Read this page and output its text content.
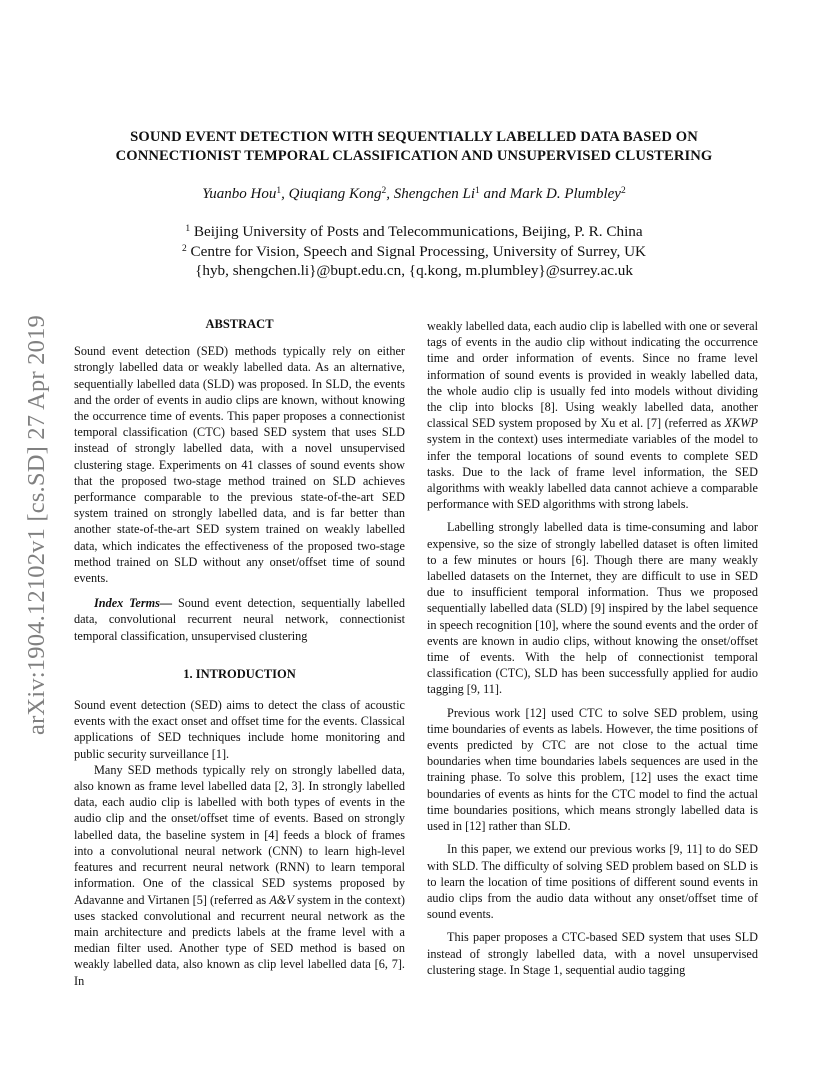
SOUND EVENT DETECTION WITH SEQUENTIALLY LABELLED DATA BASED ON
CONNECTIONIST TEMPORAL CLASSIFICATION AND UNSUPERVISED CLUSTERING
Yuanbo Hou$^1$, Qiuqiang Kong$^2$, Shengchen Li$^1$ and Mark D. Plumbley$^2$
$^1$ Beijing University of Posts and Telecommunications, Beijing, P. R. China
$^2$ Centre for Vision, Speech and Signal Processing, University of Surrey, UK
{hyb, shengchen.li}@bupt.edu.cn, {q.kong, m.plumbley}@surrey.ac.uk
arXiv:1904.12102v1 [cs.SD] 27 Apr 2019	ABSTRACT

Sound event detection (SED) methods typically rely on either strongly labelled data or weakly labelled data. As an alternative, sequentially labelled data (SLD) was proposed. In SLD, the events and the order of events in audio clips are known, without knowing the occurrence time of events. This paper proposes a connectionist temporal classification (CTC) based SED system that uses SLD instead of strongly labelled data, with a novel unsupervised clustering stage. Experiments on 41 classes of sound events show that the proposed two-stage method trained on SLD achieves performance comparable to the previous state-of-the-art SED system trained on strongly labelled data, and is far better than another state-of-the-art SED system trained on weakly labelled data, which indicates the effectiveness of the proposed two-stage method trained on SLD without any onset/offset time of sound events.

Index Terms— Sound event detection, sequentially labelled data, convolutional recurrent neural network, connectionist temporal classification, unsupervised clustering

1. INTRODUCTION

Sound event detection (SED) aims to detect the class of acoustic events with the exact onset and offset time for the events. Classical applications of SED techniques include home monitoring and public security surveillance [1].

Many SED methods typically rely on strongly labelled data, also known as frame level labelled data [2, 3]. In strongly labelled data, each audio clip is labelled with both types of events in the audio clip and the onset/offset time of events. Based on strongly labelled data, the baseline system in [4] feeds a block of frames into a convolutional neural network (CNN) to learn high-level features and recurrent neural network (RNN) to learn temporal information. One of the classical SED systems proposed by Adavanne and Virtanen [5] (referred as A&V system in the context) uses stacked convolutional and recurrent neural network as the main architecture and predicts labels at the frame level with a median filter used. Another type of SED method is based on weakly labelled data, also known as clip level labelled data [6, 7]. In

weakly labelled data, each audio clip is labelled with one or several tags of events in the audio clip without indicating the occurrence time and order information of events. Since no frame level information of sound events is provided in weakly labelled data, the whole audio clip is usually fed into models without dividing the clip into blocks [8]. Using weakly labelled data, another classical SED system proposed by Xu et al. [7] (referred as XKWP system in the context) uses intermediate variables of the model to infer the temporal locations of sound events to complete SED tasks. Due to the lack of frame level information, the SED algorithms with weakly labelled data cannot achieve a comparable performance with SED algorithms with strong labels.

Labelling strongly labelled data is time-consuming and labor expensive, so the size of strongly labelled dataset is often limited to a few minutes or hours [6]. Though there are many weakly labelled datasets on the Internet, they are difficult to use in SED due to insufficient temporal information. Thus we proposed sequentially labelled data (SLD) [9] inspired by the label sequence in speech recognition [10], where the sound events and the order of events are known in audio clips, without knowing the onset/offset time of events. With the help of connectionist temporal classification (CTC), SLD has been successfully applied for audio tagging [9, 11].

Previous work [12] used CTC to solve SED problem, using time boundaries of events as labels. However, the time positions of events predicted by CTC are not close to the actual time boundaries when time boundaries labels sequences are used in the training phase. To solve this problem, [12] uses the exact time boundaries of events as hints for the CTC model to find the actual time boundaries positions, which means strongly labelled data is used in [12] rather than SLD.

In this paper, we extend our previous works [9, 11] to do SED with SLD. The difficulty of solving SED problem based on SLD is to learn the location of time positions of different sound events in audio clips from the audio data without any onset/offset time of sound events.

This paper proposes a CTC-based SED system that uses SLD instead of strongly labelled data, with a novel unsupervised clustering stage. In Stage 1, sequential audio tagging
